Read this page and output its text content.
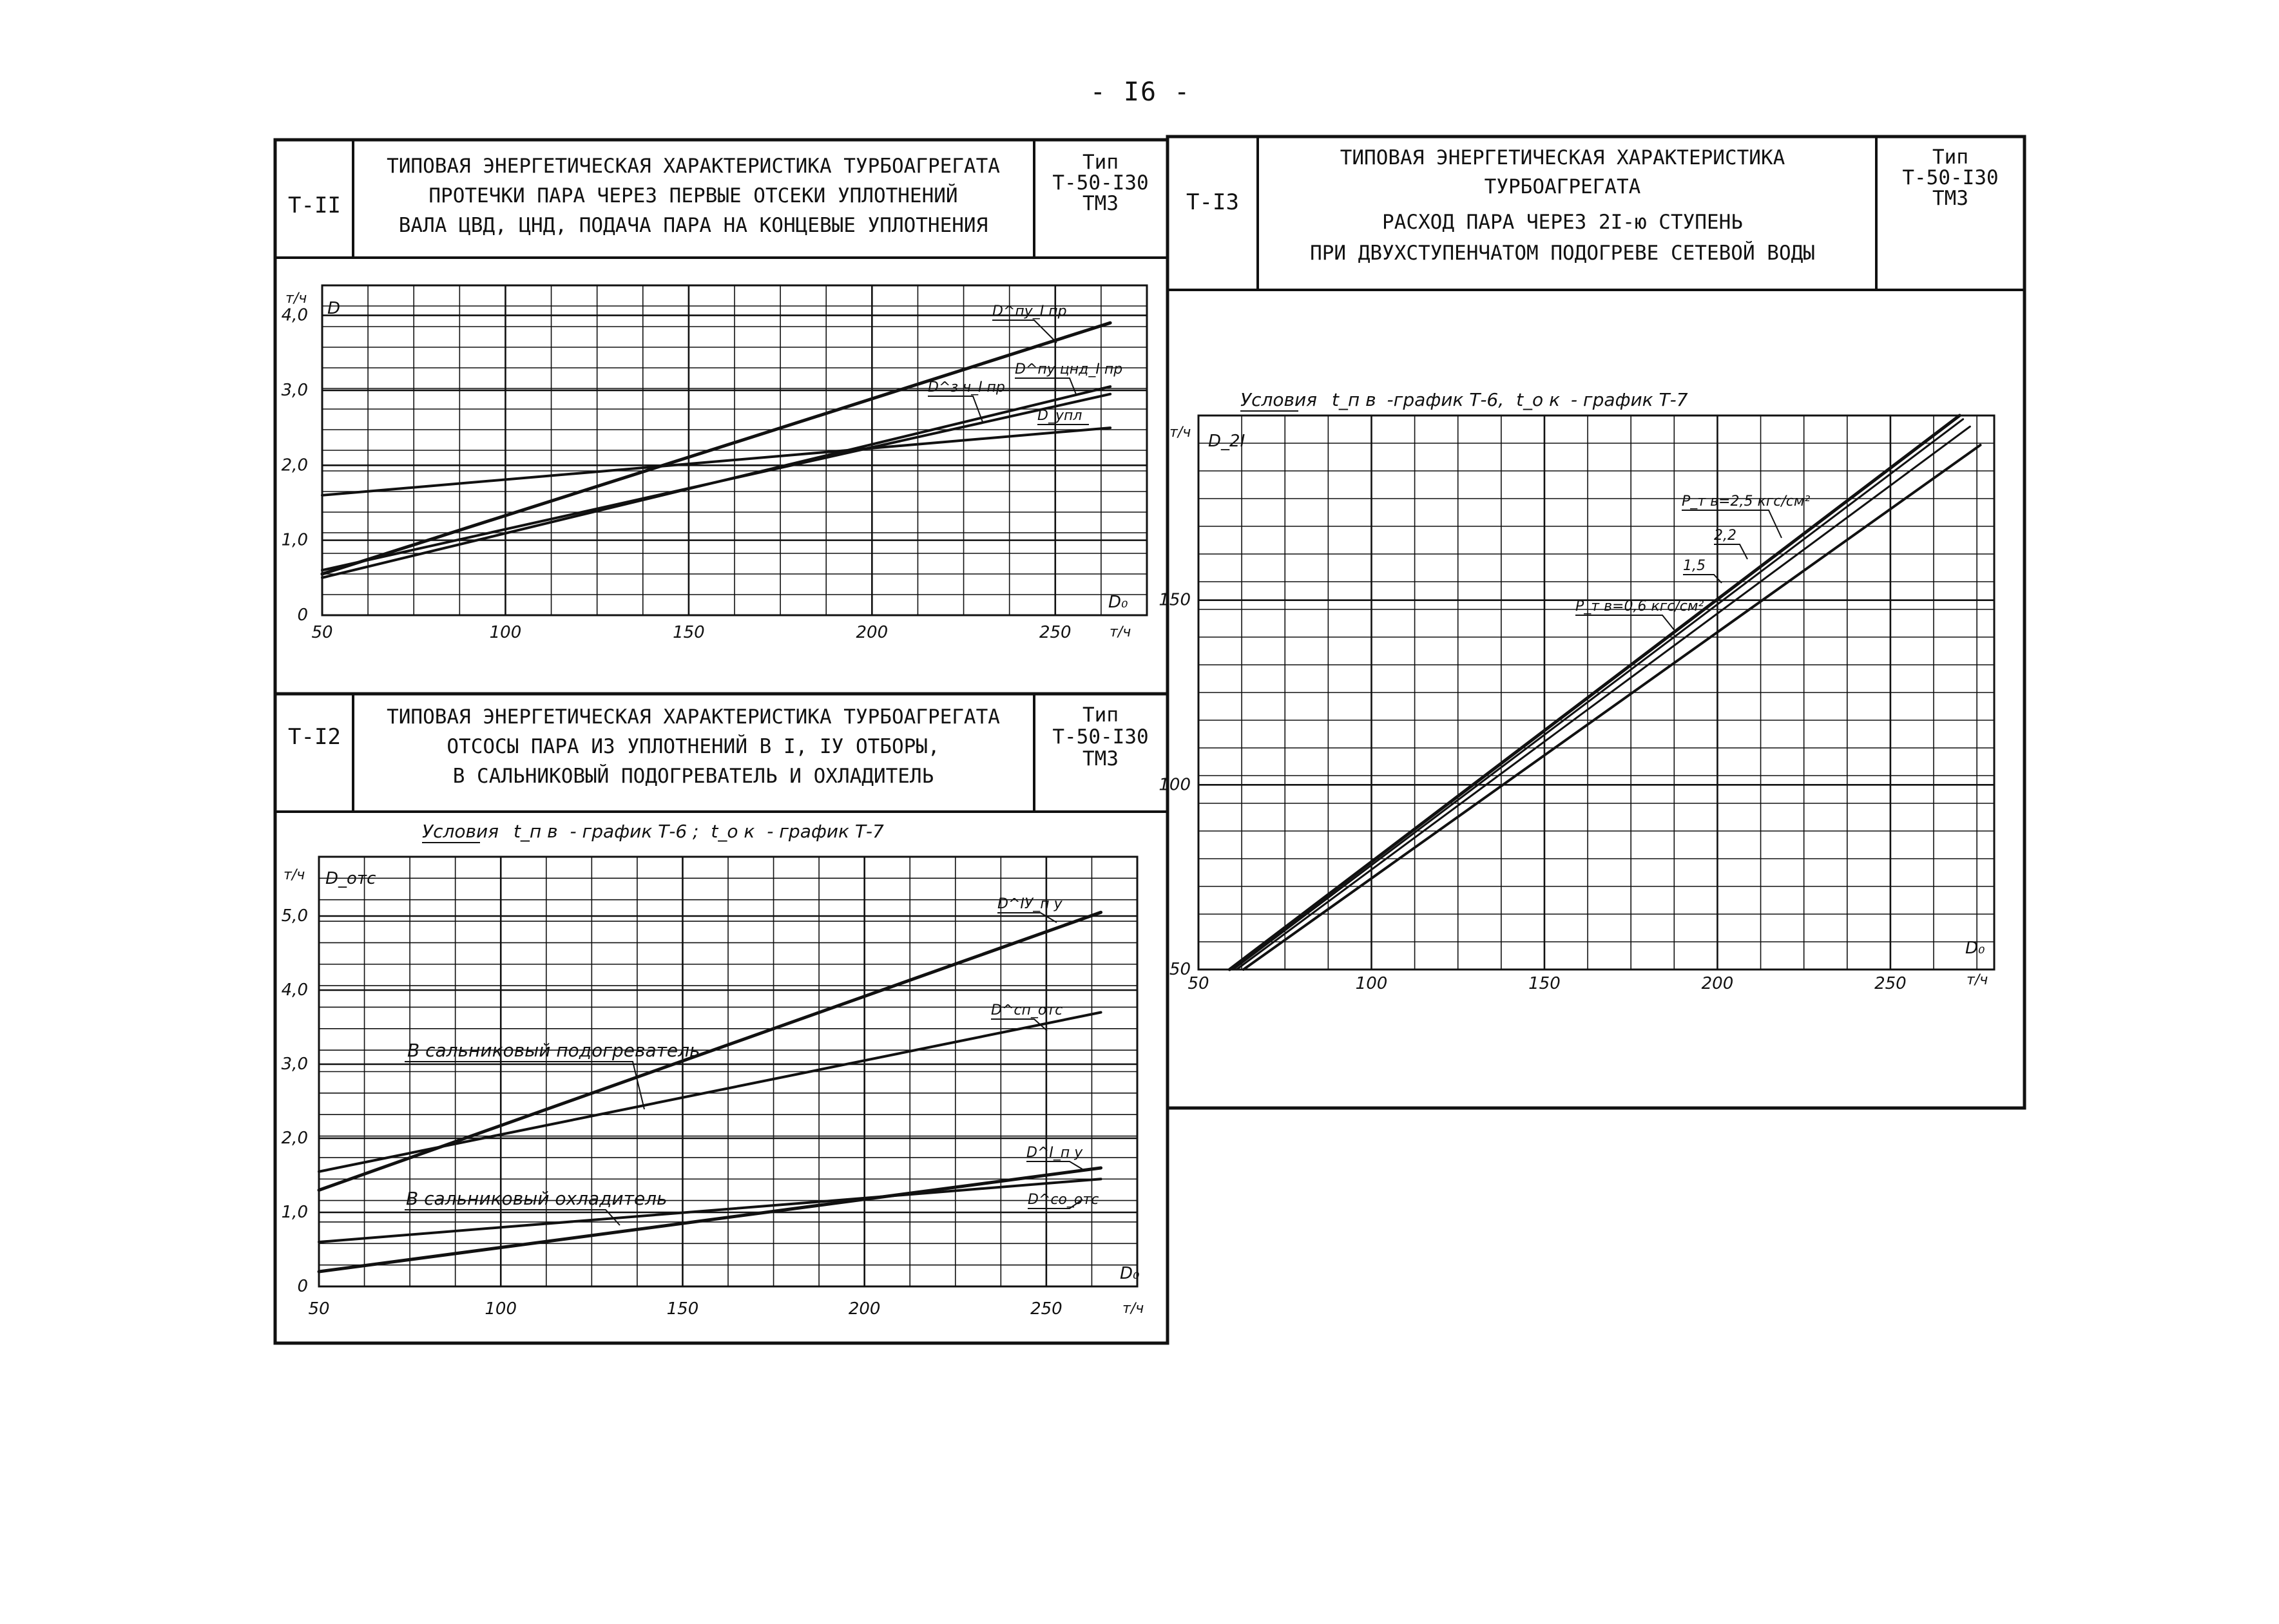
- I6 -
Т-II
ТИПОВАЯ ЭНЕРГЕТИЧЕСКАЯ ХАРАКТЕРИСТИКА ТУРБОАГРЕГАТА
ПРОТЕЧКИ ПАРА ЧЕРЕЗ ПЕРВЫЕ ОТСЕКИ УПЛОТНЕНИЙ
ВАЛА ЦВД, ЦНД, ПОДАЧА ПАРА НА КОНЦЕВЫЕ УПЛОТНЕНИЯ
Тип
Т-50-I30
ТМЗ
Т-I2
ТИПОВАЯ ЭНЕРГЕТИЧЕСКАЯ ХАРАКТЕРИСТИКА ТУРБОАГРЕГАТА
ОТСОСЫ ПАРА ИЗ УПЛОТНЕНИЙ В I, IУ ОТБОРЫ,
В САЛЬНИКОВЫЙ ПОДОГРЕВАТЕЛЬ И ОХЛАДИТЕЛЬ
Тип
Т-50-I30
ТМЗ
Т-I3
ТИПОВАЯ ЭНЕРГЕТИЧЕСКАЯ ХАРАКТЕРИСТИКА
ТУРБОАГРЕГАТА
РАСХОД ПАРА ЧЕРЕЗ 2I-ю СТУПЕНЬ
ПРИ ДВУХСТУПЕНЧАТОМ ПОДОГРЕВЕ СЕТЕВОЙ ВОДЫ
Тип
Т-50-I30
ТМЗ
50	100	150	200	250
0
1,0
2,0
3,0
4,0
т/ч
D
D₀
т/ч
D^пу_I пр
D^пу цнд_I пр
D^з ч_I пр
D_упл
50	100	150	200	250
0
1,0
2,0
3,0
4,0
5,0
Условия t_п в - график Т-6 ; t_о к - график Т-7
т/ч D_отс
D₀
т/ч
D^IУ_п у
D^сп_отс
D^I_п у
D^со_отс
В сальниковый подогреватель
В сальниковый охладитель
50	100	150	200	250
50
100
150
Условия t_п в -график Т-6, t_о к - график Т-7
т/ч D_2I
D₀
т/ч
P_т в=2,5 кгс/см²
2,2
1,5
P_т в=0,6 кгс/см²
